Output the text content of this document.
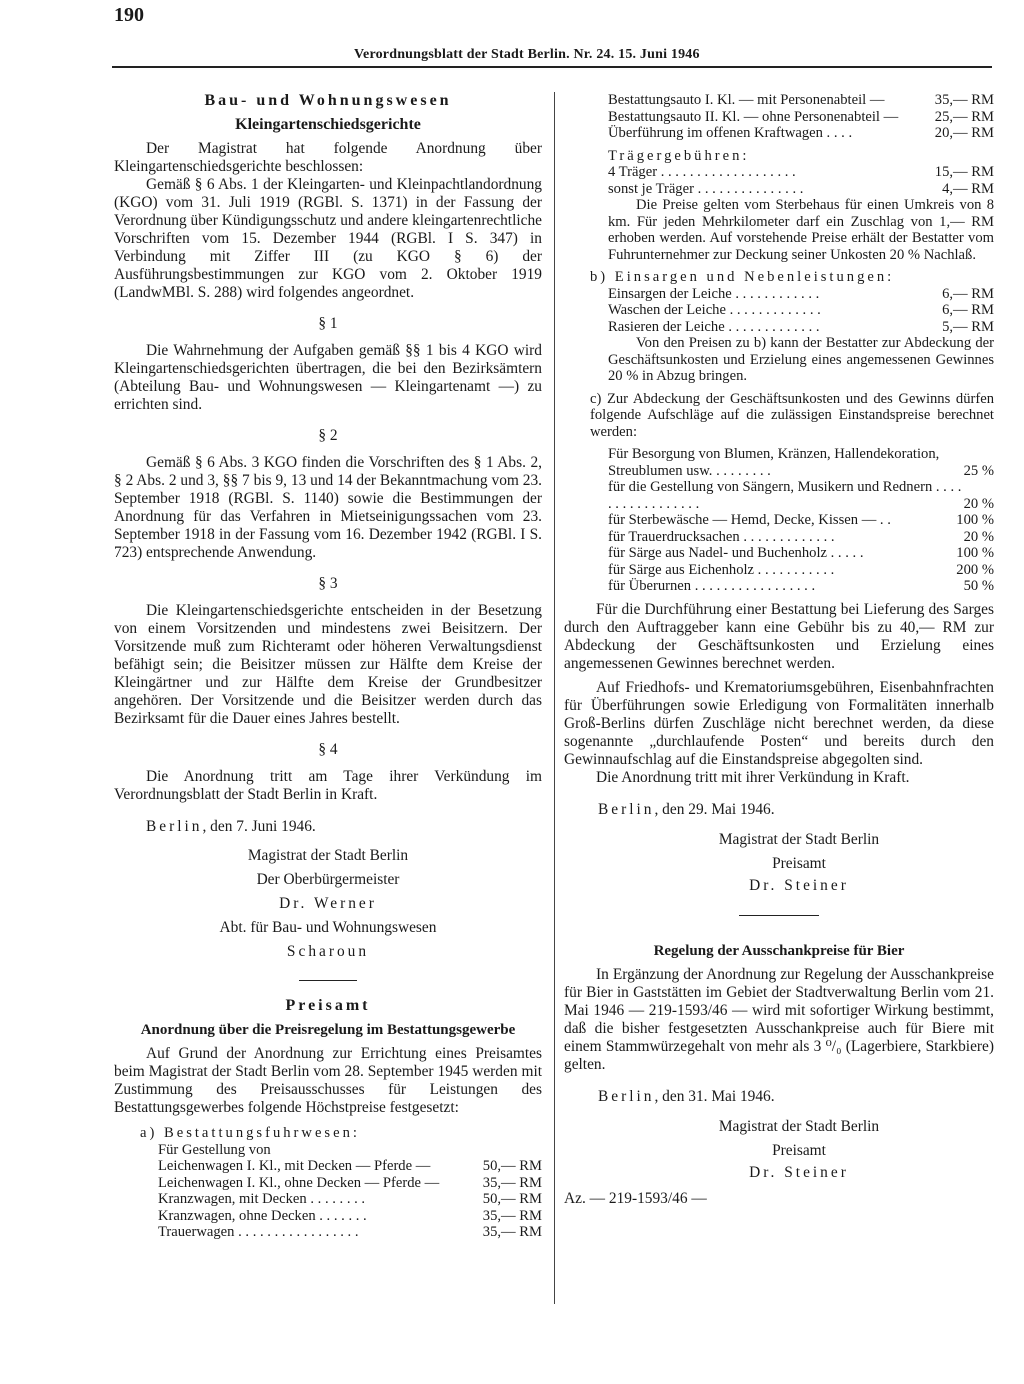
190
Verordnungsblatt der Stadt Berlin. Nr. 24. 15. Juni 1946

Bau- und Wohnungswesen

Kleingartenschiedsgerichte

Der Magistrat hat folgende Anordnung über Kleingartenschiedsgerichte beschlossen:

Gemäß § 6 Abs. 1 der Kleingarten- und Kleinpachtlandordnung (KGO) vom 31. Juli 1919 (RGBl. S. 1371) in der Fassung der Verordnung über Kündigungsschutz und andere kleingartenrechtliche Vorschriften vom 15. Dezember 1944 (RGBl. I S. 347) in Verbindung mit Ziffer III (zu KGO § 6) der Ausführungsbestimmungen zur KGO vom 2. Oktober 1919 (LandwMBl. S. 288) wird folgendes angeordnet.

§ 1

Die Wahrnehmung der Aufgaben gemäß §§ 1 bis 4 KGO wird Kleingartenschiedsgerichten übertragen, die bei den Bezirksämtern (Abteilung Bau- und Wohnungswesen — Kleingartenamt —) zu errichten sind.

§ 2

Gemäß § 6 Abs. 3 KGO finden die Vorschriften des § 1 Abs. 2, § 2 Abs. 2 und 3, §§ 7 bis 9, 13 und 14 der Bekanntmachung vom 23. September 1918 (RGBl. S. 1140) sowie die Bestimmungen der Anordnung für das Verfahren in Mietseinigungssachen vom 23. September 1918 in der Fassung vom 16. Dezember 1942 (RGBl. I S. 723) entsprechende Anwendung.

§ 3

Die Kleingartenschiedsgerichte entscheiden in der Besetzung von einem Vorsitzenden und mindestens zwei Beisitzern. Der Vorsitzende muß zum Richteramt oder höheren Verwaltungsdienst befähigt sein; die Beisitzer müssen zur Hälfte dem Kreise der Kleingärtner und zur Hälfte dem Kreise der Grundbesitzer angehören. Der Vorsitzende und die Beisitzer werden durch das Bezirksamt für die Dauer eines Jahres bestellt.

§ 4

Die Anordnung tritt am Tage ihrer Verkündung im Verordnungsblatt der Stadt Berlin in Kraft.

Berlin, den 7. Juni 1946.

Magistrat der Stadt Berlin

Der Oberbürgermeister

Dr. Werner

Abt. für Bau- und Wohnungswesen

Scharoun

Preisamt

Anordnung über die Preisregelung im Bestattungsgewerbe

Auf Grund der Anordnung zur Errichtung eines Preisamtes beim Magistrat der Stadt Berlin vom 28. September 1945 werden mit Zustimmung des Preisausschusses für Leistungen des Bestattungsgewerbes folgende Höchstpreise festgesetzt:

a) Bestattungsfuhrwesen:

Für Gestellung von

Leichenwagen I. Kl., mit Decken — Pferde —	50,— RM
Leichenwagen I. Kl., ohne Decken — Pferde —	35,— RM
Kranzwagen, mit Decken . . . . . . . .	50,— RM
Kranzwagen, ohne Decken . . . . . . .	35,— RM
Trauerwagen . . . . . . . . . . . . . . . . .	35,— RM
Bestattungsauto I. Kl. — mit Personenabteil —	35,— RM
Bestattungsauto II. Kl. — ohne Personenabteil —	25,— RM
Überführung im offenen Kraftwagen . . . .	20,— RM

Trägergebühren:

4 Träger . . . . . . . . . . . . . . . . . . .	15,— RM
sonst je Träger . . . . . . . . . . . . . . .	4,— RM

Die Preise gelten vom Sterbehaus für einen Umkreis von 8 km. Für jeden Mehrkilometer darf ein Zuschlag von 1,— RM erhoben werden. Auf vorstehende Preise erhält der Bestatter vom Fuhrunternehmer zur Deckung seiner Unkosten 20 % Nachlaß.

b) Einsargen und Nebenleistungen:

Einsargen der Leiche . . . . . . . . . . . .	6,— RM
Waschen der Leiche . . . . . . . . . . . . .	6,— RM
Rasieren der Leiche . . . . . . . . . . . . .	5,— RM

Von den Preisen zu b) kann der Bestatter zur Abdeckung der Geschäftsunkosten und Erzielung eines angemessenen Gewinnes 20 % in Abzug bringen.

c) Zur Abdeckung der Geschäftsunkosten und des Gewinns dürfen folgende Aufschläge auf die zulässigen Einstandspreise berechnet werden:

Für Besorgung von Blumen, Kränzen, Hallendekoration, Streublumen usw. . . . . . . . .	25 %
für die Gestellung von Sängern, Musikern und Rednern . . . . . . . . . . . . . . . . .	20 %
für Sterbewäsche — Hemd, Decke, Kissen — . .	100 %
für Trauerdrucksachen . . . . . . . . . . . . .	20 %
für Särge aus Nadel- und Buchenholz . . . . .	100 %
für Särge aus Eichenholz . . . . . . . . . . .	200 %
für Überurnen . . . . . . . . . . . . . . . . .	50 %

Für die Durchführung einer Bestattung bei Lieferung des Sarges durch den Auftraggeber kann eine Gebühr bis zu 40,— RM zur Abdeckung der Geschäftsunkosten und Erzielung eines angemessenen Gewinnes berechnet werden.

Auf Friedhofs- und Krematoriumsgebühren, Eisenbahnfrachten für Überführungen sowie Erledigung von Formalitäten innerhalb Groß-Berlins dürfen Zuschläge nicht berechnet werden, da diese sogenannte „durchlaufende Posten“ und bereits durch den Gewinnaufschlag auf die Einstandspreise abgegolten sind.

Die Anordnung tritt mit ihrer Verkündung in Kraft.

Berlin, den 29. Mai 1946.

Magistrat der Stadt Berlin

Preisamt

Dr. Steiner

Regelung der Ausschankpreise für Bier

In Ergänzung der Anordnung zur Regelung der Ausschankpreise für Bier in Gaststätten im Gebiet der Stadtverwaltung Berlin vom 21. Mai 1946 — 219-1593/46 — wird mit sofortiger Wirkung bestimmt, daß die bisher festgesetzten Ausschankpreise auch für Biere mit einem Stammwürzegehalt von mehr als 3 ⁰/₀ (Lagerbiere, Starkbiere) gelten.

Berlin, den 31. Mai 1946.

Magistrat der Stadt Berlin

Preisamt

Dr. Steiner

Az. — 219-1593/46 —
